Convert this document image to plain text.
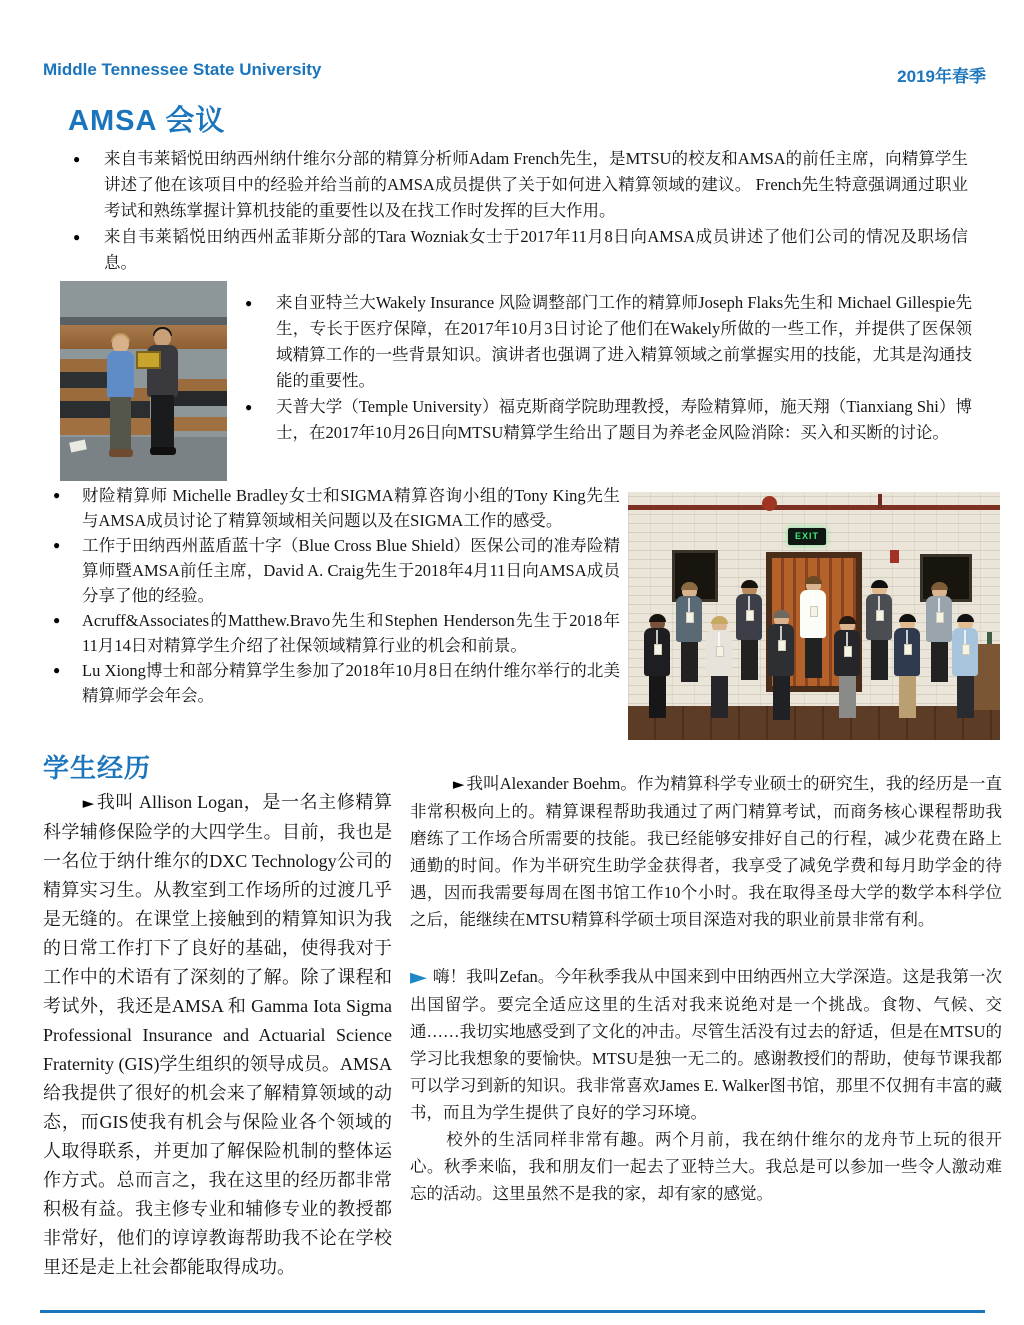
Middle Tennessee State University	2019年春季
AMSA 会议
● 来自韦莱韬悦田纳西州纳什维尔分部的精算分析师Adam French先生，是MTSU的校友和AMSA的前任主席，向精算学生讲述了他在该项目中的经验并给当前的AMSA成员提供了关于如何进入精算领域的建议。 French先生特意强调通过职业考试和熟练掌握计算机技能的重要性以及在找工作时发挥的巨大作用。
● 来自韦莱韬悦田纳西州孟菲斯分部的Tara Wozniak女士于2017年11月8日向AMSA成员讲述了他们公司的情况及职场信息。
● 来自亚特兰大Wakely Insurance 风险调整部门工作的精算师Joseph Flaks先生和 Michael Gillespie先生，专长于医疗保障，在2017年10月3日讨论了他们在Wakely所做的一些工作，并提供了医保领域精算工作的一些背景知识。演讲者也强调了进入精算领域之前掌握实用的技能，尤其是沟通技能的重要性。
● 天普大学（Temple University）福克斯商学院助理教授，寿险精算师，施天翔（Tianxiang Shi）博士，在2017年10月26日向MTSU精算学生给出了题目为养老金风险消除：买入和买断的讨论。
● 财险精算师 Michelle Bradley女士和SIGMA精算咨询小组的Tony King先生与AMSA成员讨论了精算领域相关问题以及在SIGMA工作的感受。
● 工作于田纳西州蓝盾蓝十字（Blue Cross Blue Shield）医保公司的准寿险精算师暨AMSA前任主席，David A. Craig先生于2018年4月11日向AMSA成员分享了他的经验。
● Acruff&Associates的Matthew.Bravo先生和Stephen Henderson先生于2018年11月14日对精算学生介绍了社保领域精算行业的机会和前景。
● Lu Xiong博士和部分精算学生参加了2018年10月8日在纳什维尔举行的北美精算师学会年会。
EXIT
学生经历

► 我叫 Allison Logan，是一名主修精算科学辅修保险学的大四学生。目前，我也是一名位于纳什维尔的DXC Technology公司的精算实习生。从教室到工作场所的过渡几乎是无缝的。在课堂上接触到的精算知识为我的日常工作打下了良好的基础，使得我对于工作中的术语有了深刻的了解。除了课程和考试外，我还是AMSA 和 Gamma Iota Sigma Professional Insurance and Actuarial Science Fraternity (GIS)学生组织的领导成员。AMSA给我提供了很好的机会来了解精算领域的动态，而GIS使我有机会与保险业各个领域的人取得联系，并更加了解保险机制的整体运作方式。总而言之，我在这里的经历都非常积极有益。我主修专业和辅修专业的教授都非常好，他们的谆谆教诲帮助我不论在学校里还是走上社会都能取得成功。

► 我叫Alexander Boehm。作为精算科学专业硕士的研究生，我的经历是一直非常积极向上的。精算课程帮助我通过了两门精算考试，而商务核心课程帮助我磨练了工作场合所需要的技能。我已经能够安排好自己的行程，减少花费在路上通勤的时间。作为半研究生助学金获得者，我享受了减免学费和每月助学金的待遇，因而我需要每周在图书馆工作10个小时。我在取得圣母大学的数学本科学位之后，能继续在MTSU精算科学硕士项目深造对我的职业前景非常有利。

► 嗨！我叫Zefan。今年秋季我从中国来到中田纳西州立大学深造。这是我第一次出国留学。要完全适应这里的生活对我来说绝对是一个挑战。食物、气候、交通……我切实地感受到了文化的冲击。尽管生活没有过去的舒适，但是在MTSU的学习比我想象的要愉快。MTSU是独一无二的。感谢教授们的帮助，使每节课我都可以学习到新的知识。我非常喜欢James E. Walker图书馆，那里不仅拥有丰富的藏书，而且为学生提供了良好的学习环境。

校外的生活同样非常有趣。两个月前，我在纳什维尔的龙舟节上玩的很开心。秋季来临，我和朋友们一起去了亚特兰大。我总是可以参加一些令人激动难忘的活动。这里虽然不是我的家，却有家的感觉。
